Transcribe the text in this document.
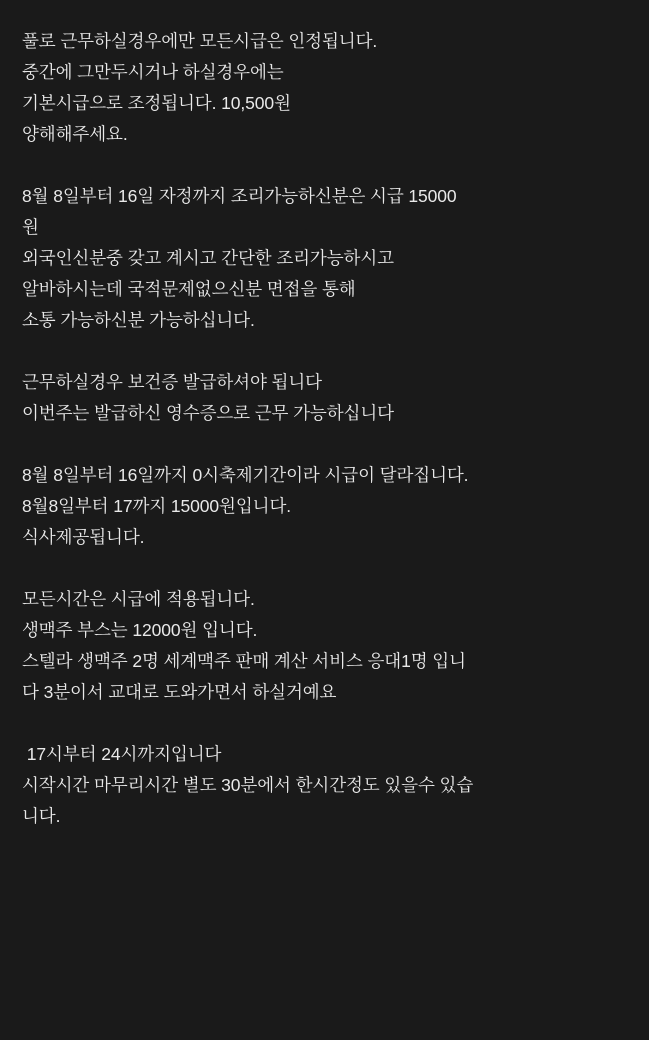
풀로 근무하실경우에만 모든시급은 인정됩니다.
중간에 그만두시거나 하실경우에는
기본시급으로 조정됩니다. 10,500원
양해해주세요.
8월 8일부터 16일 자정까지 조리가능하신분은 시급 15000
원
외국인신분중 갖고 계시고 간단한 조리가능하시고
알바하시는데 국적문제없으신분 면접을 통해
소통 가능하신분 가능하십니다.
근무하실경우 보건증 발급하셔야 됩니다
이번주는 발급하신 영수증으로 근무 가능하십니다
8월 8일부터 16일까지 0시축제기간이라 시급이 달라집니다.
8월8일부터 17까지 15000원입니다.
식사제공됩니다.
모든시간은 시급에 적용됩니다.
생맥주 부스는 12000원 입니다.
스텔라 생맥주 2명 세계맥주 판매 계산 서비스 응대1명 입니
다 3분이서 교대로 도와가면서 하실거예요
17시부터 24시까지입니다
시작시간 마무리시간 별도 30분에서 한시간정도 있을수 있습
니다.
